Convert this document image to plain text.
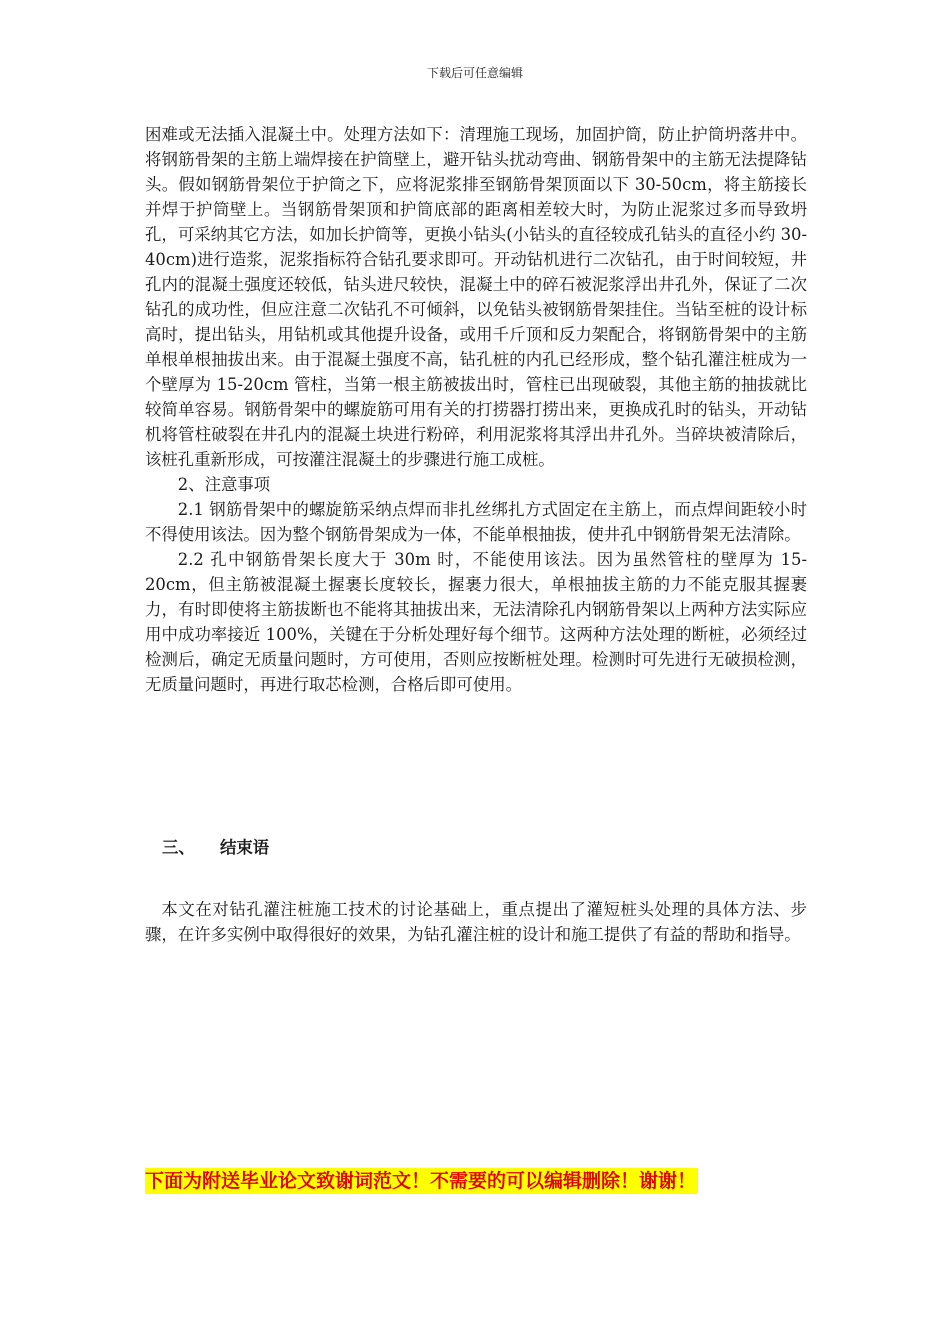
下载后可任意编辑

困难或无法插入混凝土中。处理方法如下：清理施工现场，加固护筒，防止护筒坍落井中。将钢筋骨架的主筋上端焊接在护筒壁上，避开钻头扰动弯曲、钢筋骨架中的主筋无法提降钻头。假如钢筋骨架位于护筒之下，应将泥浆排至钢筋骨架顶面以下 30-50cm，将主筋接长并焊于护筒壁上。当钢筋骨架顶和护筒底部的距离相差较大时，为防止泥浆过多而导致坍孔，可采纳其它方法，如加长护筒等，更换小钻头(小钻头的直径较成孔钻头的直径小约 30-40cm)进行造浆，泥浆指标符合钻孔要求即可。开动钻机进行二次钻孔，由于时间较短，井孔内的混凝土强度还较低，钻头进尺较快，混凝土中的碎石被泥浆浮出井孔外，保证了二次钻孔的成功性，但应注意二次钻孔不可倾斜，以免钻头被钢筋骨架挂住。当钻至桩的设计标高时，提出钻头，用钻机或其他提升设备，或用千斤顶和反力架配合，将钢筋骨架中的主筋单根单根抽拔出来。由于混凝土强度不高，钻孔桩的内孔已经形成，整个钻孔灌注桩成为一个壁厚为 15-20cm 管柱，当第一根主筋被拔出时，管柱已出现破裂，其他主筋的抽拔就比较简单容易。钢筋骨架中的螺旋筋可用有关的打捞器打捞出来，更换成孔时的钻头，开动钻机将管柱破裂在井孔内的混凝土块进行粉碎，利用泥浆将其浮出井孔外。当碎块被清除后，该桩孔重新形成，可按灌注混凝土的步骤进行施工成桩。

2、注意事项

2.1 钢筋骨架中的螺旋筋采纳点焊而非扎丝绑扎方式固定在主筋上，而点焊间距较小时不得使用该法。因为整个钢筋骨架成为一体，不能单根抽拔，使井孔中钢筋骨架无法清除。

2.2 孔中钢筋骨架长度大于 30m 时，不能使用该法。因为虽然管柱的壁厚为 15-20cm，但主筋被混凝土握裹长度较长，握裹力很大，单根抽拔主筋的力不能克服其握裹力，有时即使将主筋拔断也不能将其抽拔出来，无法清除孔内钢筋骨架以上两种方法实际应用中成功率接近 100%，关键在于分析处理好每个细节。这两种方法处理的断桩，必须经过检测后，确定无质量问题时，方可使用，否则应按断桩处理。检测时可先进行无破损检测，无质量问题时，再进行取芯检测，合格后即可使用。

三、 结束语

本文在对钻孔灌注桩施工技术的讨论基础上，重点提出了灌短桩头处理的具体方法、步骤，在许多实例中取得很好的效果，为钻孔灌注桩的设计和施工提供了有益的帮助和指导。

下面为附送毕业论文致谢词范文！不需要的可以编辑删除！谢谢！
